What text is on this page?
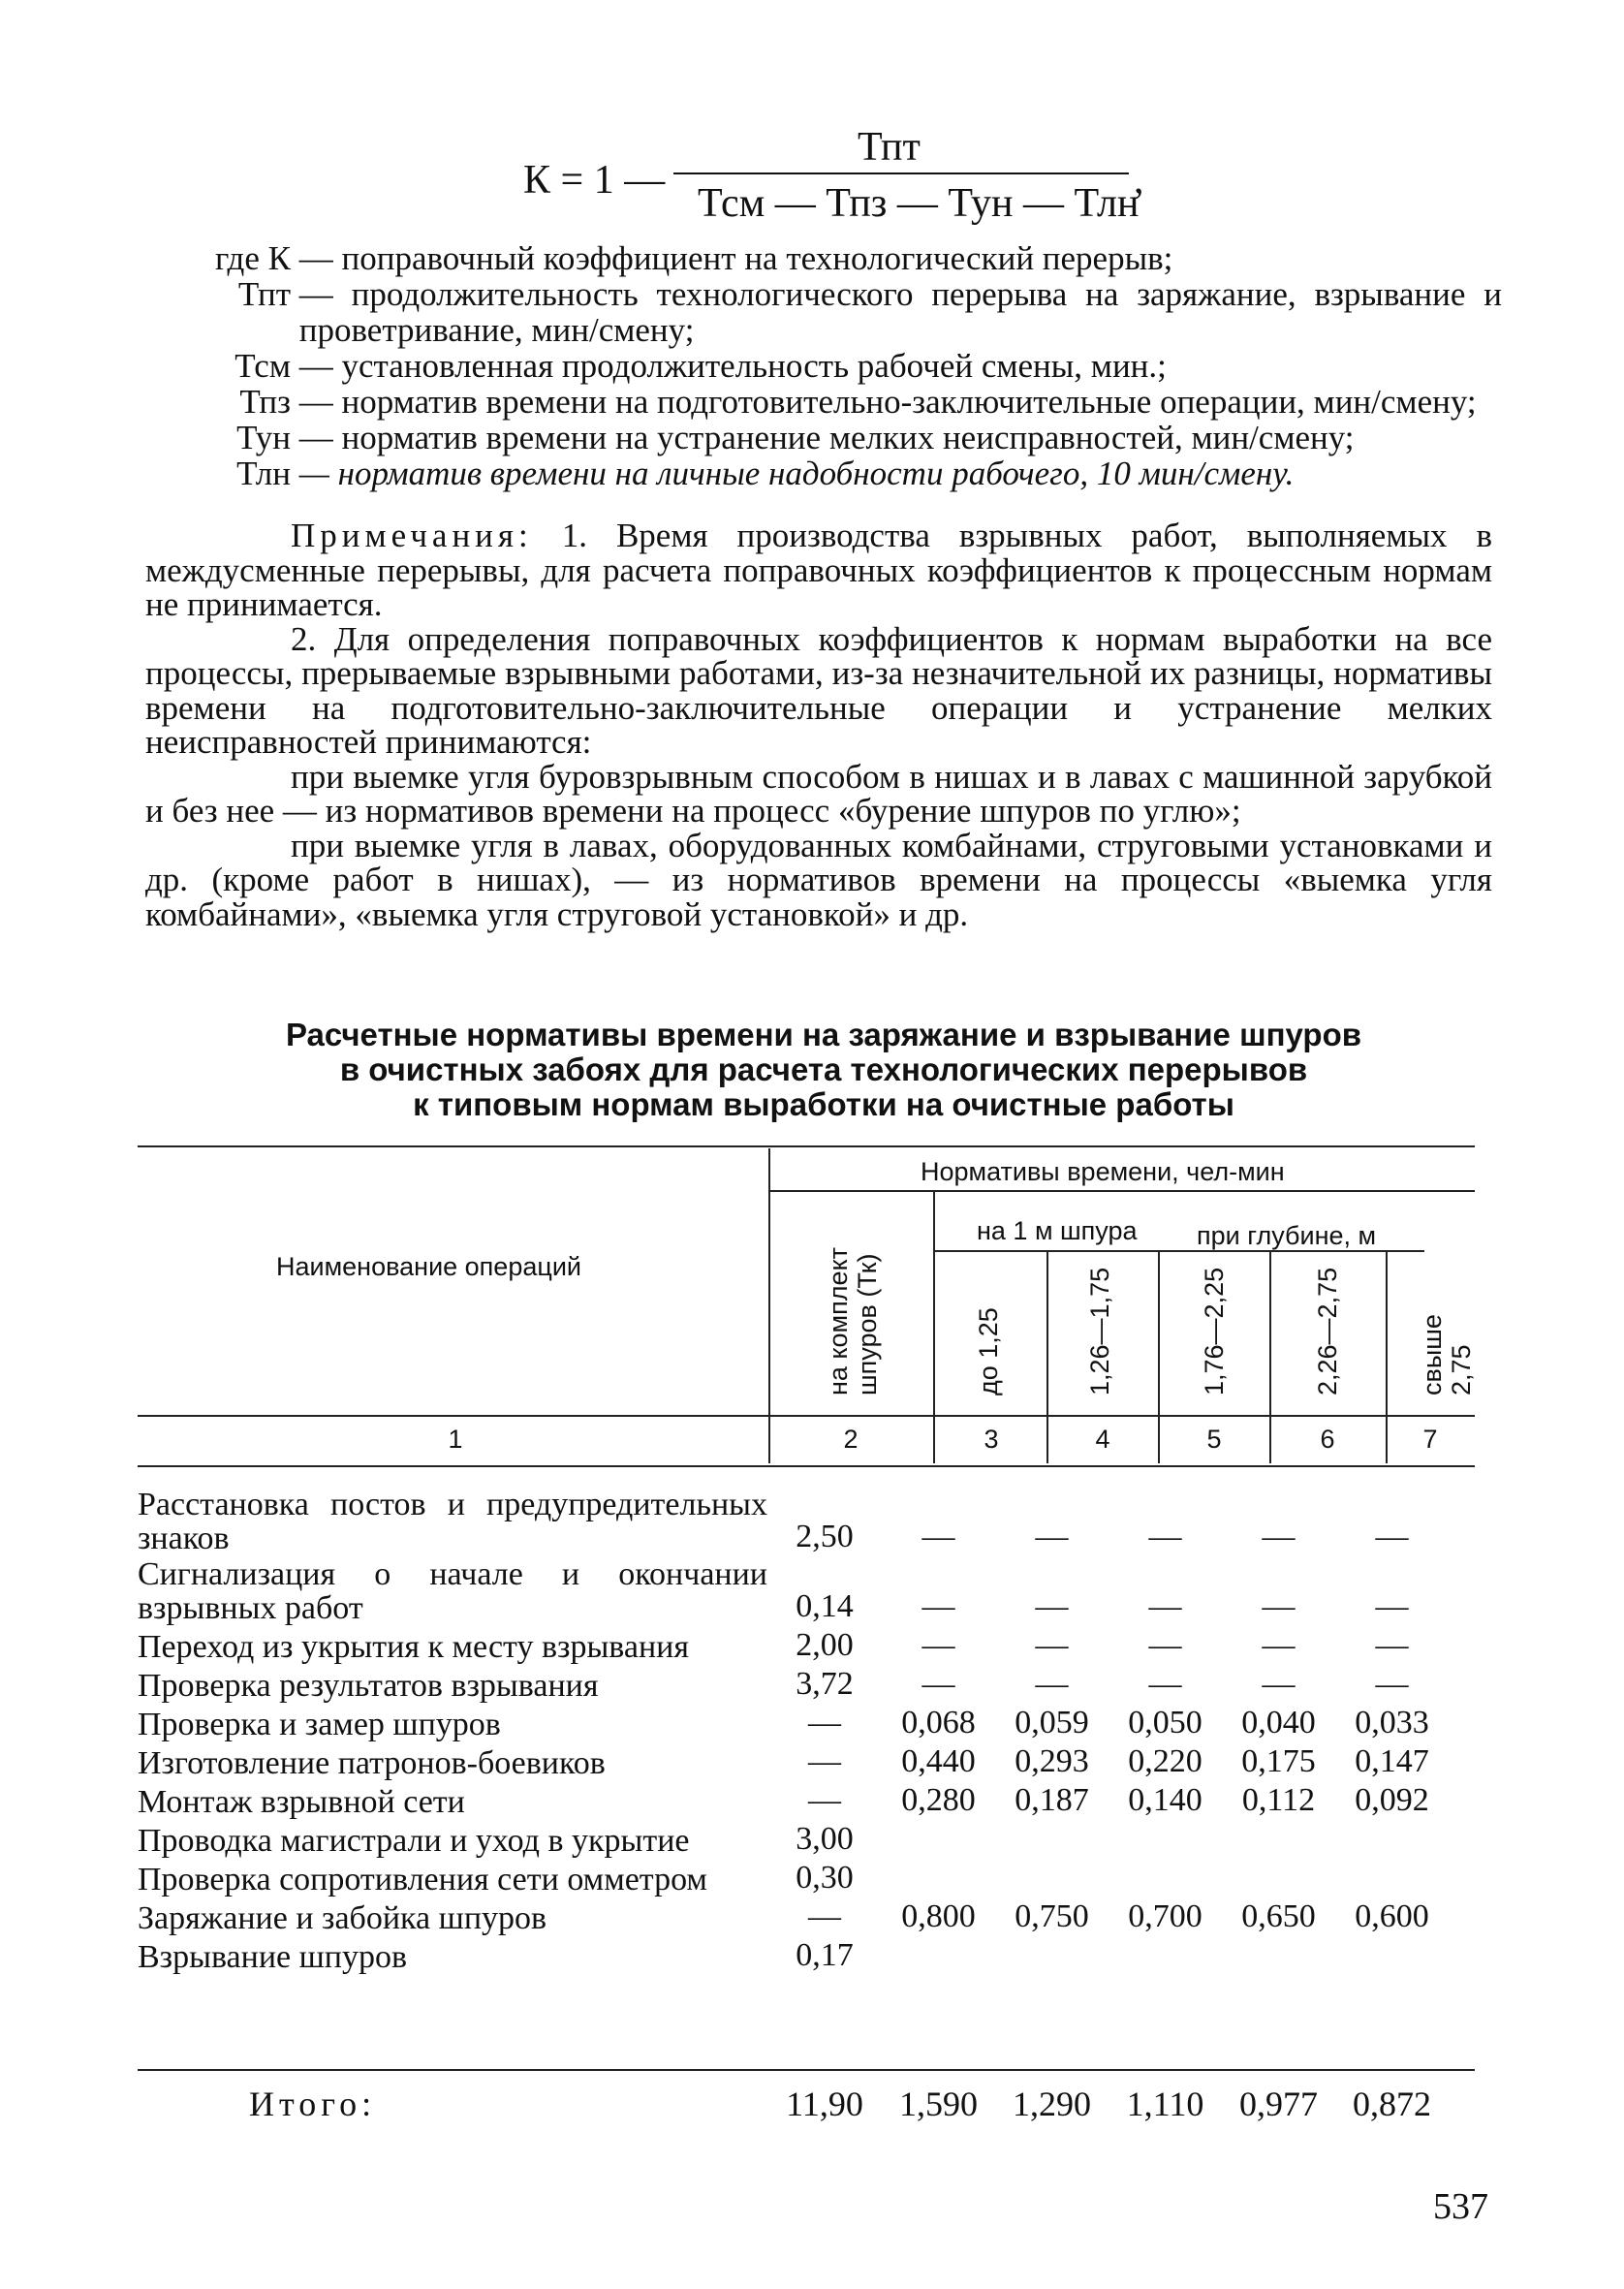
К = 1 —
Тпт
Тсм — Тпз — Тун — Тлн
,
где К
— поправочный коэффициент на технологический перерыв;
Тпт
— продолжительность технологического перерыва на заряжание, взрывание и проветривание, мин/смену;
Тсм
— установленная продолжительность рабочей смены, мин.;
Тпз
— норматив времени на подготовительно-заключительные операции, мин/смену;
Тун
— норматив времени на устранение мелких неисправностей, мин/смену;
Тлн
— норматив времени на личные надобности рабочего, 10 мин/смену.

Примечания: 1. Время производства взрывных работ, выполняемых в междусменные перерывы, для расчета поправочных коэффициентов к процессным нормам не принимается.

2. Для определения поправочных коэффициентов к нормам выработки на все процессы, прерываемые взрывными работами, из-за незначительной их разницы, нормативы времени на подготовительно-заключительные операции и устранение мелких неисправностей принимаются:

при выемке угля буровзрывным способом в нишах и в лавах с машинной зарубкой и без нее — из нормативов времени на процесс «бурение шпуров по углю»;

при выемке угля в лавах, оборудованных комбайнами, струговыми установками и др. (кроме работ в нишах), — из нормативов времени на процессы «выемка угля комбайнами», «выемка угля струговой установкой» и др.

Расчетные нормативы времени на заряжание и взрывание шпуров
в очистных забоях для расчета технологических перерывов
к типовым нормам выработки на очистные работы
Наименование операций
Нормативы времени, чел-мин
на 1 м шпура при глубине, м
на комплект шпуров (Тк)	до 1,25	1,26—1,75	1,76—2,25	2,26—2,75	свыше 2,75
1	2	3	4	5	6	7
Расстановка постов и предупредительных знаков	2,50	—	—	—	—	—
Сигнализация о начале и окончании взрывных работ	0,14	—	—	—	—	—
Переход из укрытия к месту взрывания	2,00	—	—	—	—	—
Проверка результатов взрывания	3,72	—	—	—	—	—
Проверка и замер шпуров	—	0,068	0,059	0,050	0,040	0,033
Изготовление патронов-боевиков	—	0,440	0,293	0,220	0,175	0,147
Монтаж взрывной сети	—	0,280	0,187	0,140	0,112	0,092
Проводка магистрали и уход в укрытие	3,00
Проверка сопротивления сети омметром	0,30
Заряжание и забойка шпуров	—	0,800	0,750	0,700	0,650	0,600
Взрывание шпуров	0,17
Итого:	11,90	1,590	1,290	1,110	0,977	0,872
537
